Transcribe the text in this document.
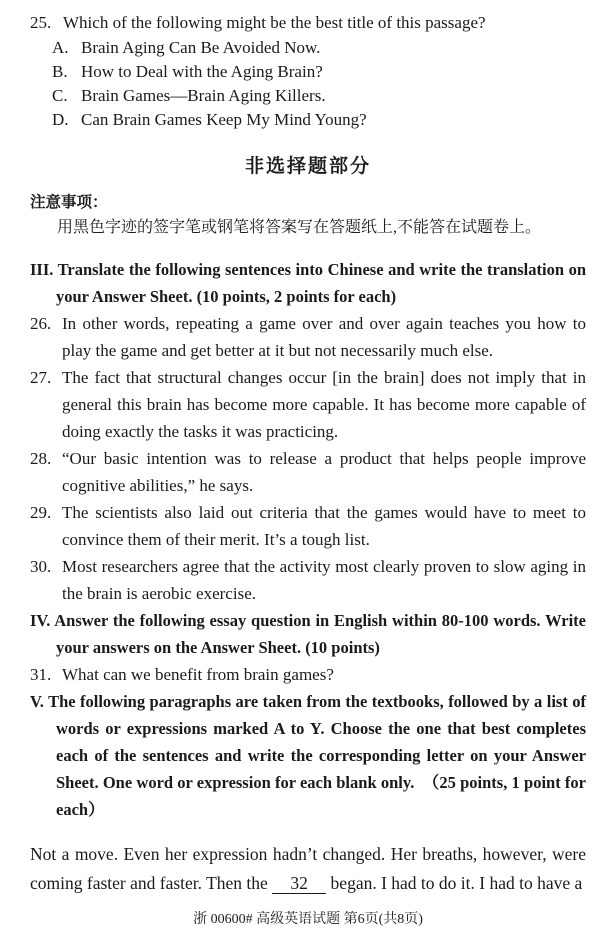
25. Which of the following might be the best title of this passage?
A. Brain Aging Can Be Avoided Now.
B. How to Deal with the Aging Brain?
C. Brain Games—Brain Aging Killers.
D. Can Brain Games Keep My Mind Young?
非选择题部分
注意事项：
用黑色字迹的签字笔或钢笔将答案写在答题纸上,不能答在试题卷上。
III. Translate the following sentences into Chinese and write the translation on your Answer Sheet. (10 points, 2 points for each)
26. In other words, repeating a game over and over again teaches you how to play the game and get better at it but not necessarily much else.
27. The fact that structural changes occur [in the brain] does not imply that in general this brain has become more capable. It has become more capable of doing exactly the tasks it was practicing.
28. “Our basic intention was to release a product that helps people improve cognitive abilities,” he says.
29. The scientists also laid out criteria that the games would have to meet to convince them of their merit. It’s a tough list.
30. Most researchers agree that the activity most clearly proven to slow aging in the brain is aerobic exercise.
IV. Answer the following essay question in English within 80-100 words. Write your answers on the Answer Sheet. (10 points)
31. What can we benefit from brain games?
V. The following paragraphs are taken from the textbooks, followed by a list of words or expressions marked A to Y. Choose the one that best completes each of the sentences and write the corresponding letter on your Answer Sheet. One word or expression for each blank only.　（25 points, 1 point for each）
Not a move. Even her expression hadn’t changed. Her breaths, however, were coming faster and faster. Then the 32 began. I had to do it. I had to have a
浙 00600# 高级英语试题 第6页(共8页)
